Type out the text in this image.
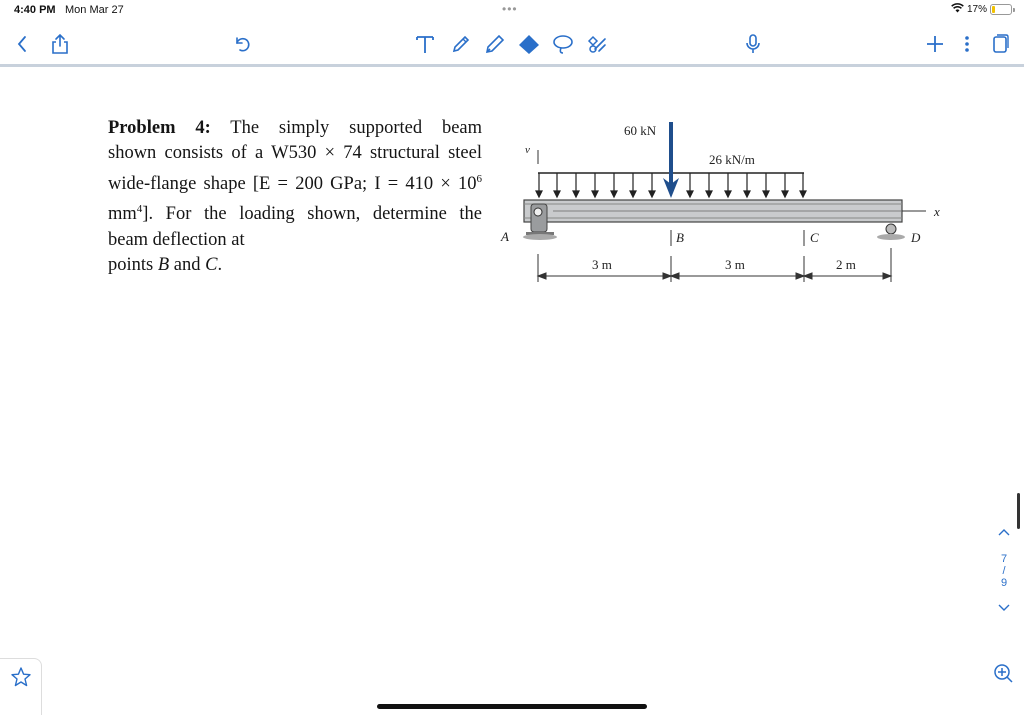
4:40 PM Mon Mar 27	•••	17%
Problem 4: The simply supported beam
shown consists of a W530 × 74 structural steel
wide-flange shape [E = 200 GPa; $I = 410 \times 10^6$
$mm^4$]. For the loading shown, determine the
beam deflection at
points B and C.
60 kN
26 kN/m
v
x
A	B	C	D
3 m	3 m	2 m
7
/
9
